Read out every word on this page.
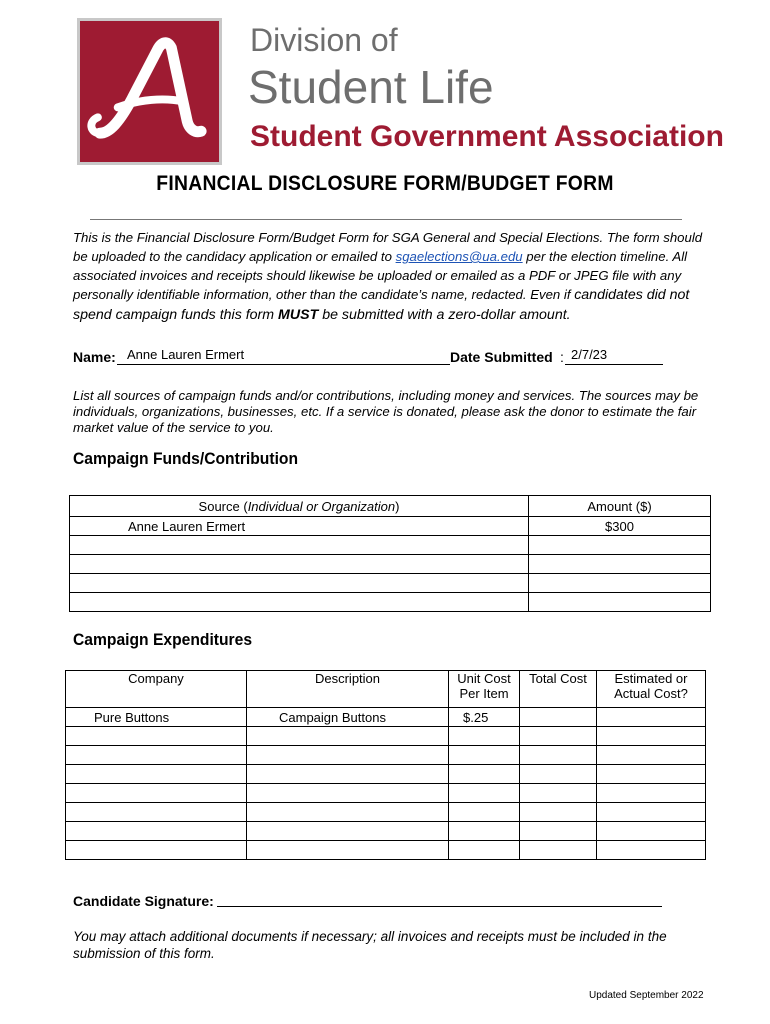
Division of
Student Life
Student Government Association
FINANCIAL DISCLOSURE FORM/BUDGET FORM
This is the Financial Disclosure Form/Budget Form for SGA General and Special Elections. The form should be uploaded to the candidacy application or emailed to sgaelections@ua.edu per the election timeline. All associated invoices and receipts should likewise be uploaded or emailed as a PDF or JPEG file with any personally identifiable information, other than the candidate’s name, redacted. Even if candidates did not spend campaign funds this form MUST be submitted with a zero-dollar amount.
Name: Anne Lauren Ermert	Date Submitted : 2/7/23
List all sources of campaign funds and/or contributions, including money and services. The sources may be individuals, organizations, businesses, etc. If a service is donated, please ask the donor to estimate the fair market value of the service to you.
Campaign Funds/Contribution
Source (Individual or Organization)	Amount ($)
Anne Lauren Ermert	$300

Campaign Expenditures
Company	Description	Unit Cost Per Item	Total Cost	Estimated or Actual Cost?
Pure Buttons	Campaign Buttons	$.25		

Candidate Signature:
You may attach additional documents if necessary; all invoices and receipts must be included in the submission of this form.
Updated September 2022
